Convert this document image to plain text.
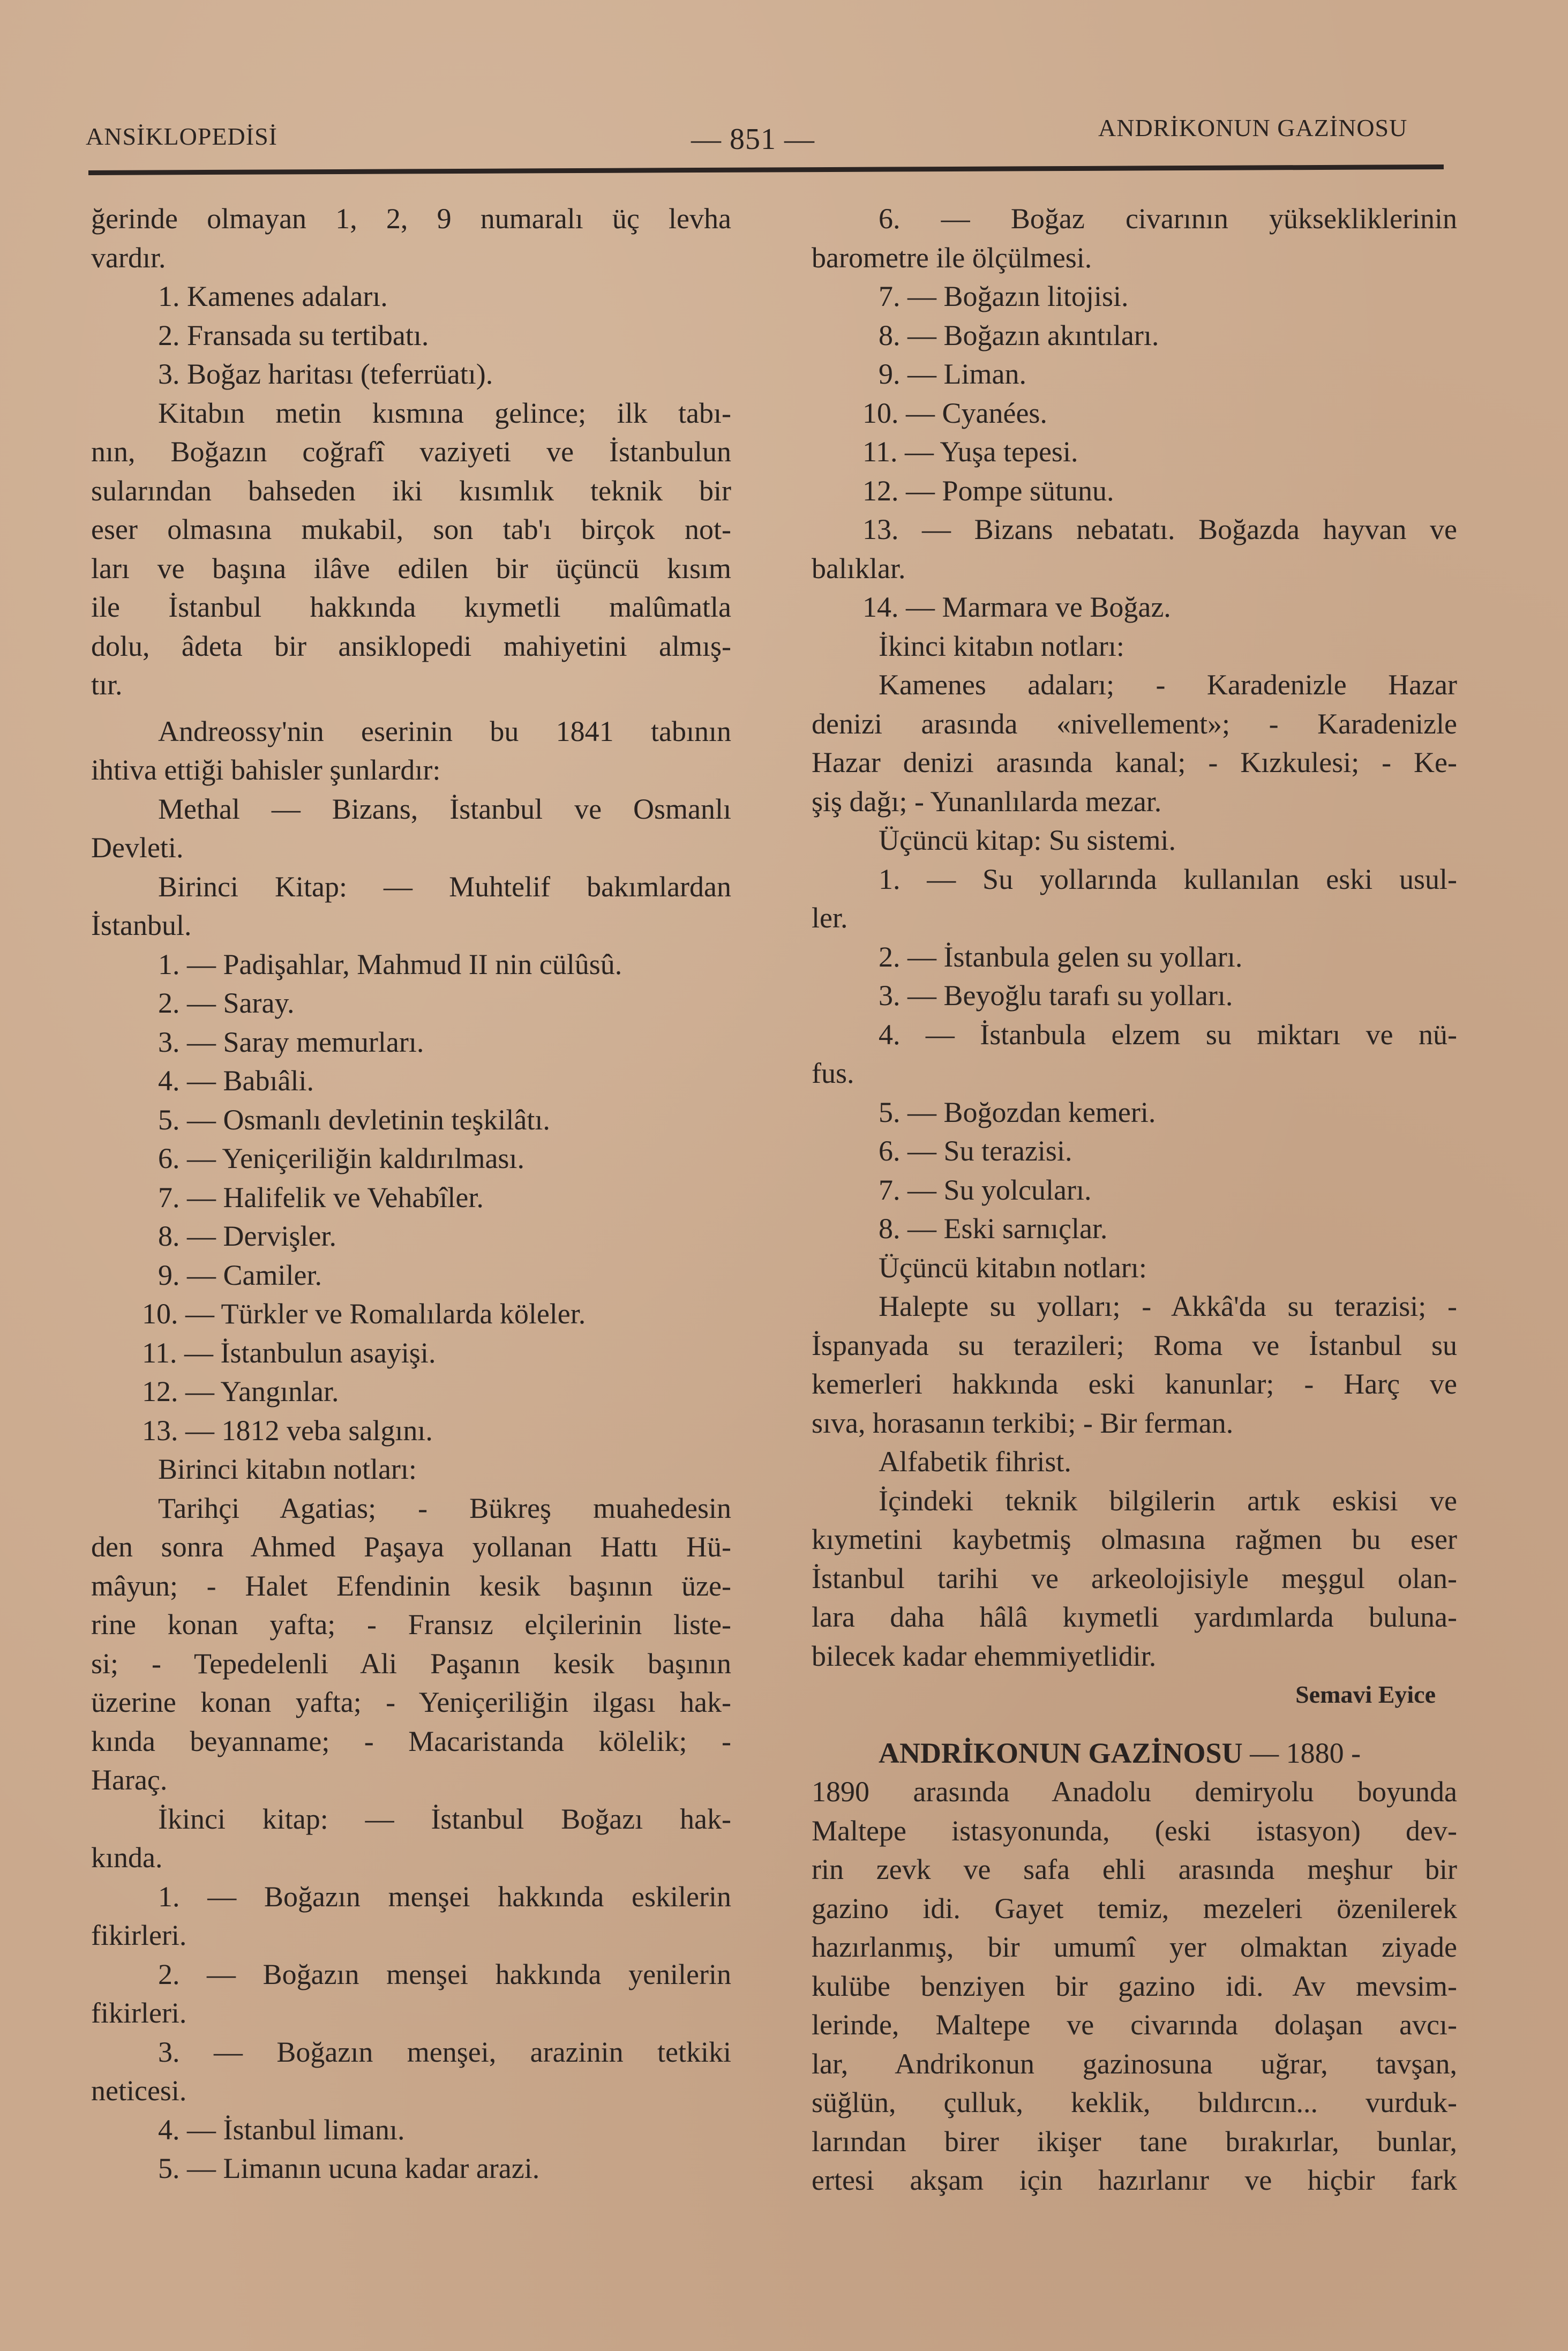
ANSİKLOPEDİSİ	— 851 —	ANDRİKONUN GAZİNOSU
ğerinde olmayan 1, 2, 9 numaralı üç levha
vardır.
1. Kamenes adaları.
2. Fransada su tertibatı.
3. Boğaz haritası (teferrüatı).
Kitabın metin kısmına gelince; ilk tabı-
nın, Boğazın coğrafî vaziyeti ve İstanbulun
sularından bahseden iki kısımlık teknik bir
eser olmasına mukabil, son tab'ı birçok not-
ları ve başına ilâve edilen bir üçüncü kısım
ile İstanbul hakkında kıymetli malûmatla
dolu, âdeta bir ansiklopedi mahiyetini almış-
tır.
Andreossy'nin eserinin bu 1841 tabının
ihtiva ettiği bahisler şunlardır:
Methal — Bizans, İstanbul ve Osmanlı
Devleti.
Birinci Kitap: — Muhtelif bakımlardan
İstanbul.
1. — Padişahlar, Mahmud II nin cülûsû.
2. — Saray.
3. — Saray memurları.
4. — Babıâli.
5. — Osmanlı devletinin teşkilâtı.
6. — Yeniçeriliğin kaldırılması.
7. — Halifelik ve Vehabîler.
8. — Dervişler.
9. — Camiler.
10. — Türkler ve Romalılarda köleler.
11. — İstanbulun asayişi.
12. — Yangınlar.
13. — 1812 veba salgını.
Birinci kitabın notları:
Tarihçi Agatias; - Bükreş muahedesin
den sonra Ahmed Paşaya yollanan Hattı Hü-
mâyun; - Halet Efendinin kesik başının üze-
rine konan yafta; - Fransız elçilerinin liste-
si; - Tepedelenli Ali Paşanın kesik başının
üzerine konan yafta; - Yeniçeriliğin ilgası hak-
kında beyanname; - Macaristanda kölelik; -
Haraç.
İkinci kitap: — İstanbul Boğazı hak-
kında.
1. — Boğazın menşei hakkında eskilerin
fikirleri.
2. — Boğazın menşei hakkında yenilerin
fikirleri.
3. — Boğazın menşei, arazinin tetkiki
neticesi.
4. — İstanbul limanı.
5. — Limanın ucuna kadar arazi.
6. — Boğaz civarının yüksekliklerinin
barometre ile ölçülmesi.
7. — Boğazın litojisi.
8. — Boğazın akıntıları.
9. — Liman.
10. — Cyanées.
11. — Yuşa tepesi.
12. — Pompe sütunu.
13. — Bizans nebatatı. Boğazda hayvan ve
balıklar.
14. — Marmara ve Boğaz.
İkinci kitabın notları:
Kamenes adaları; - Karadenizle Hazar
denizi arasında «nivellement»; - Karadenizle
Hazar denizi arasında kanal; - Kızkulesi; - Ke-
şiş dağı; - Yunanlılarda mezar.
Üçüncü kitap: Su sistemi.
1. — Su yollarında kullanılan eski usul-
ler.
2. — İstanbula gelen su yolları.
3. — Beyoğlu tarafı su yolları.
4. — İstanbula elzem su miktarı ve nü-
fus.
5. — Boğozdan kemeri.
6. — Su terazisi.
7. — Su yolcuları.
8. — Eski sarnıçlar.
Üçüncü kitabın notları:
Halepte su yolları; - Akkâ'da su terazisi; -
İspanyada su terazileri; Roma ve İstanbul su
kemerleri hakkında eski kanunlar; - Harç ve
sıva, horasanın terkibi; - Bir ferman.
Alfabetik fihrist.
İçindeki teknik bilgilerin artık eskisi ve
kıymetini kaybetmiş olmasına rağmen bu eser
İstanbul tarihi ve arkeolojisiyle meşgul olan-
lara daha hâlâ kıymetli yardımlarda buluna-
bilecek kadar ehemmiyetlidir.
Semavi Eyice
ANDRİKONUN GAZİNOSU — 1880 -
1890 arasında Anadolu demiryolu boyunda
Maltepe istasyonunda, (eski istasyon) dev-
rin zevk ve safa ehli arasında meşhur bir
gazino idi. Gayet temiz, mezeleri özenilerek
hazırlanmış, bir umumî yer olmaktan ziyade
kulübe benziyen bir gazino idi. Av mevsim-
lerinde, Maltepe ve civarında dolaşan avcı-
lar, Andrikonun gazinosuna uğrar, tavşan,
süğlün, çulluk, keklik, bıldırcın... vurduk-
larından birer ikişer tane bırakırlar, bunlar,
ertesi akşam için hazırlanır ve hiçbir fark
